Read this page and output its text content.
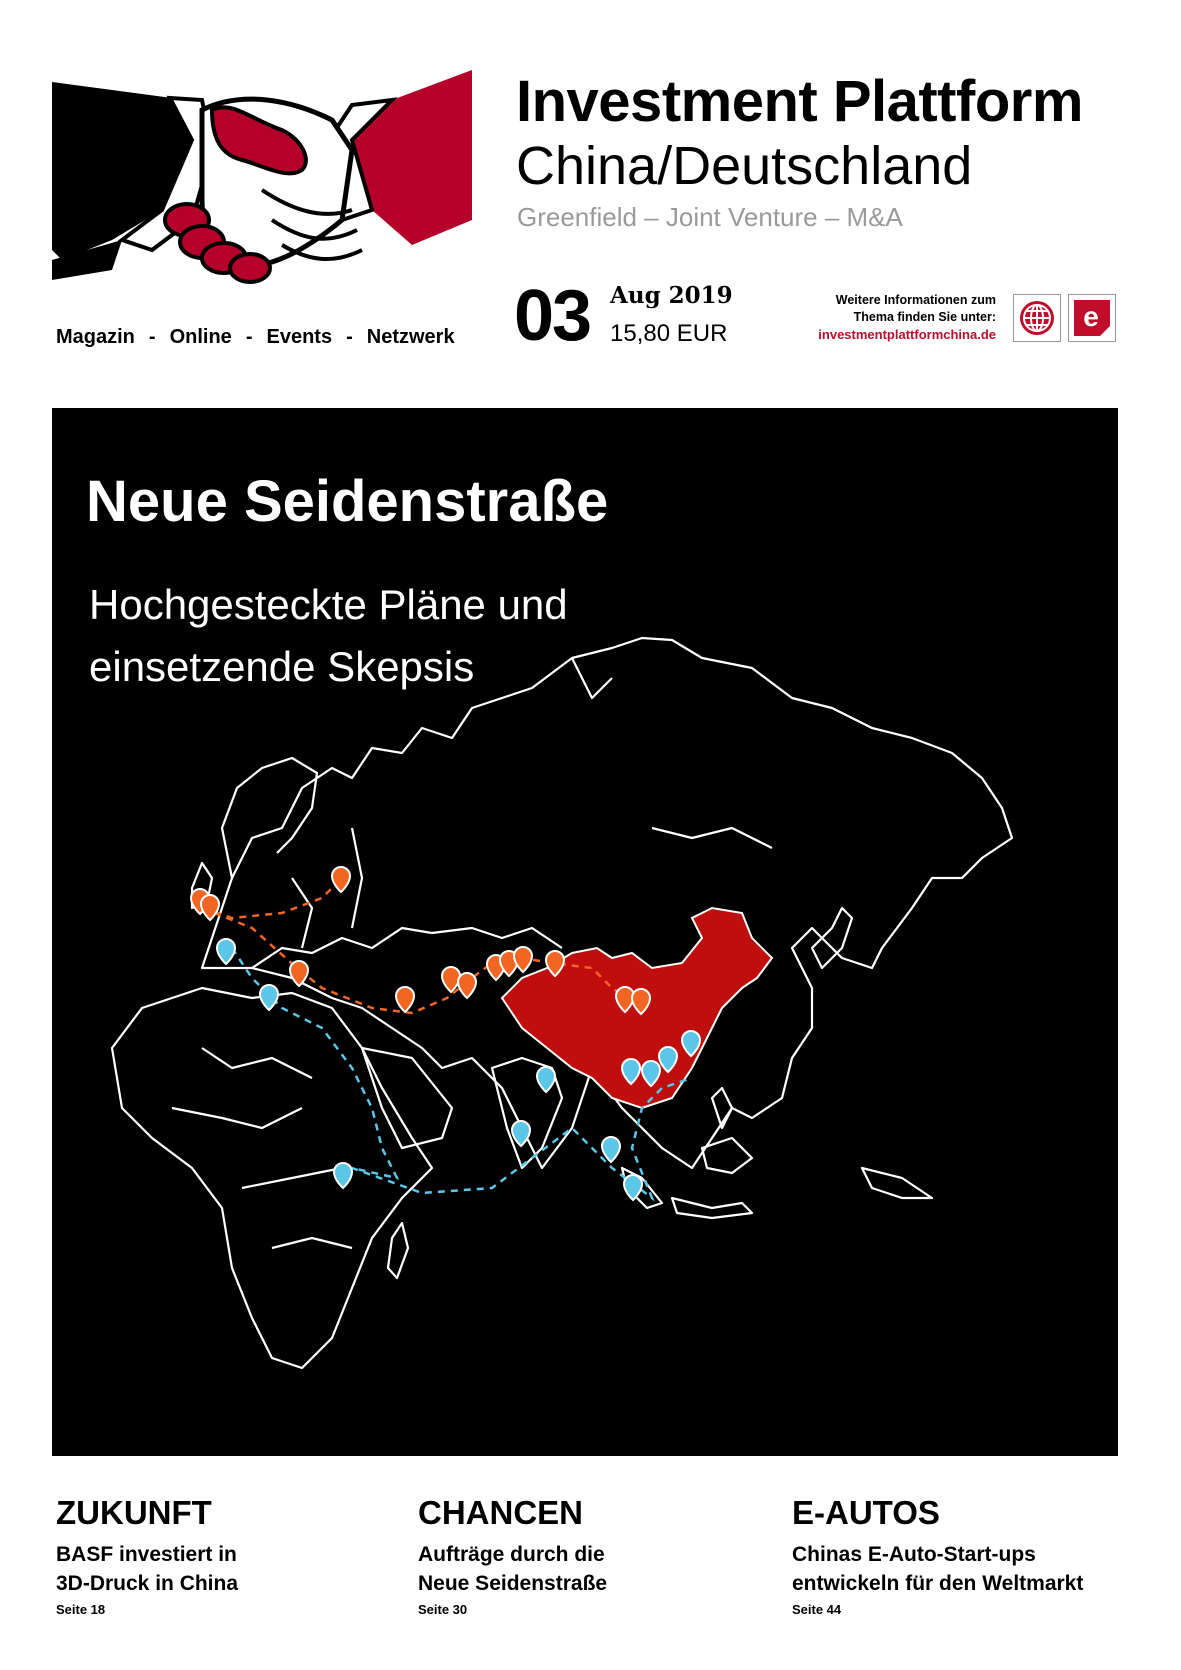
Investment Plattform
China/Deutschland
Greenfield – Joint Venture – M&A
Magazin - Online - Events - Netzwerk 03 Aug 2019
15,80 EUR
Weitere Informationen zum
Thema finden Sie unter:
investmentplattformchina.de
e
Neue Seidenstraße
Hochgesteckte Pläne und
einsetzende Skepsis
ZUKUNFT

BASF investiert in
3D-Druck in China

Seite 18
CHANCEN

Aufträge durch die
Neue Seidenstraße

Seite 30
E-AUTOS

Chinas E-Auto-Start-ups
entwickeln für den Weltmarkt

Seite 44
